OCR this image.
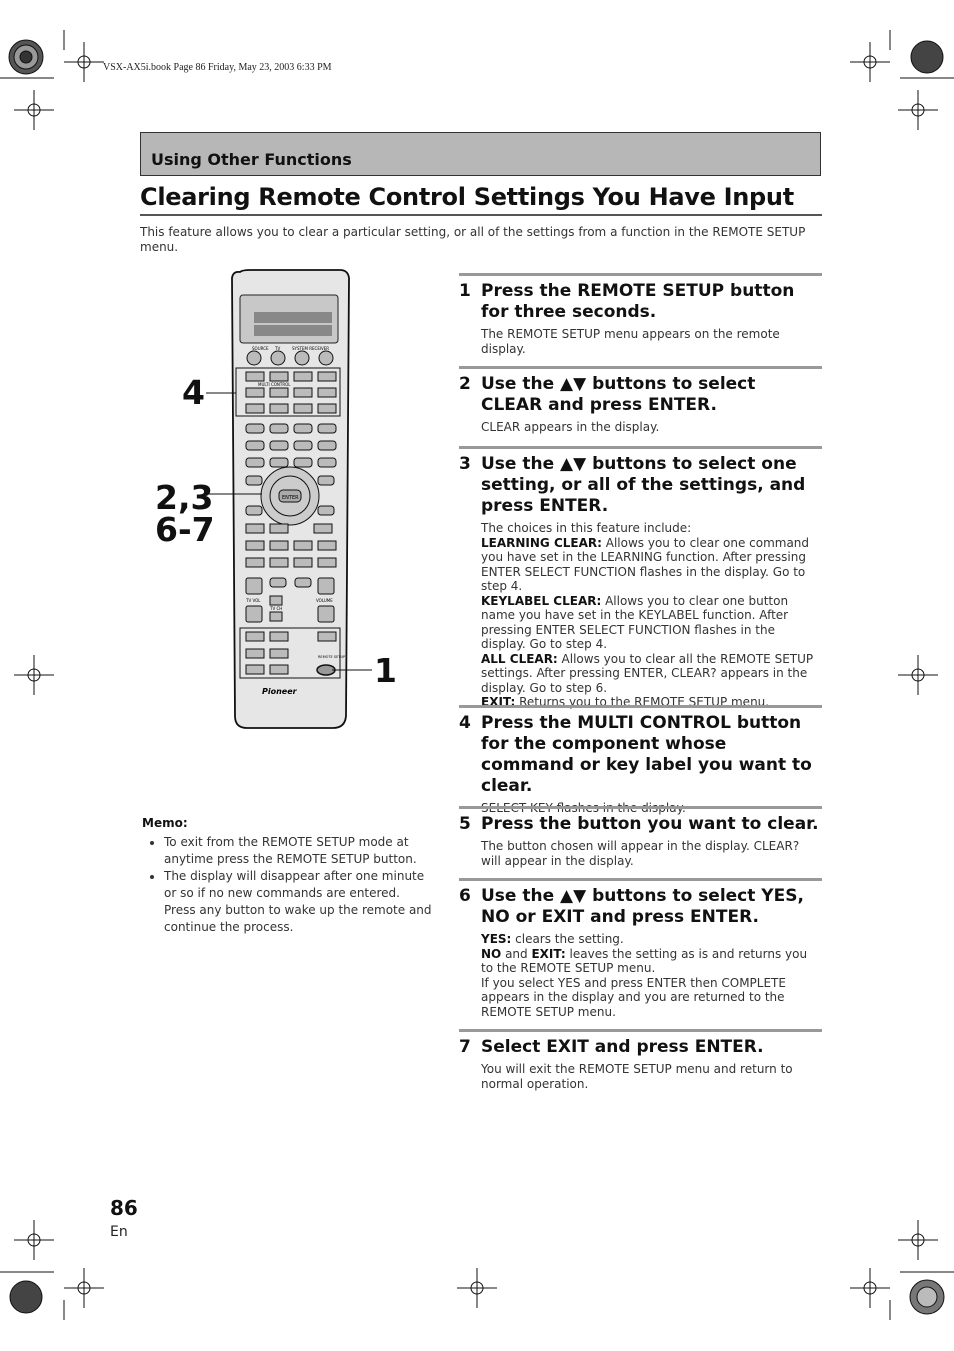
VSX-AX5i.book Page 86 Friday, May 23, 2003 6:33 PM
Using Other Functions
Clearing Remote Control Settings You Have Input
This feature allows you to clear a particular setting, or all of the settings from a function in the REMOTE SETUP menu.
SOURCE TV	SYSTEM RECEIVER
MULTI CONTROL
ENTER
TV VOL
TV CH
VOLUME
REMOTE SETUP
Pioneer
4
2,3
6-7
1
Memo:
• To exit from the REMOTE SETUP mode at anytime press the REMOTE SETUP button.
• The display will disappear after one minute or so if no new commands are entered. Press any button to wake up the remote and continue the process.
1 Press the REMOTE SETUP button for three seconds.
The REMOTE SETUP menu appears on the remote display.
2 Use the ▲▼ buttons to select CLEAR and press ENTER.
CLEAR appears in the display.
3 Use the ▲▼ buttons to select one setting, or all of the settings, and press ENTER.
The choices in this feature include:
LEARNING CLEAR: Allows you to clear one command you have set in the LEARNING function. After pressing ENTER SELECT FUNCTION flashes in the display. Go to step 4.
KEYLABEL CLEAR: Allows you to clear one button name you have set in the KEYLABEL function. After pressing ENTER SELECT FUNCTION flashes in the display. Go to step 4.
ALL CLEAR: Allows you to clear all the REMOTE SETUP settings. After pressing ENTER, CLEAR? appears in the display. Go to step 6.
EXIT: Returns you to the REMOTE SETUP menu.
4 Press the MULTI CONTROL button for the component whose command or key label you want to clear.
SELECT KEY flashes in the display.
5 Press the button you want to clear.
The button chosen will appear in the display. CLEAR? will appear in the display.
6 Use the ▲▼ buttons to select YES, NO or EXIT and press ENTER.
YES: clears the setting.
NO and EXIT: leaves the setting as is and returns you to the REMOTE SETUP menu.
If you select YES and press ENTER then COMPLETE appears in the display and you are returned to the REMOTE SETUP menu.
7 Select EXIT and press ENTER.
You will exit the REMOTE SETUP menu and return to normal operation.
86
En
